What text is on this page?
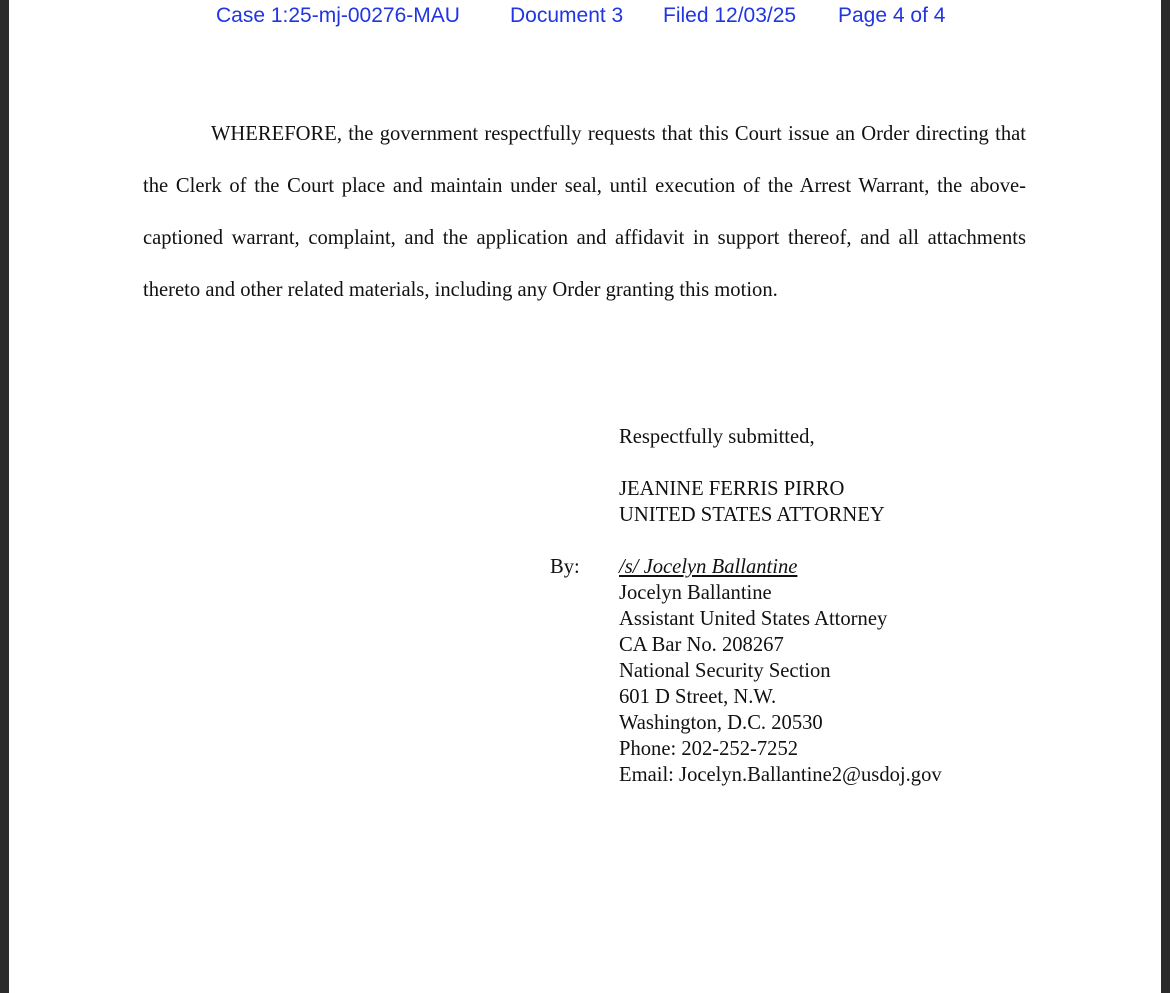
Case 1:25-mj-00276-MAU Document 3 Filed 12/03/25 Page 4 of 4

WHEREFORE, the government respectfully requests that this Court issue an Order directing that the Clerk of the Court place and maintain under seal, until execution of the Arrest Warrant, the above-captioned warrant, complaint, and the application and affidavit in support thereof, and all attachments thereto and other related materials, including any Order granting this motion.

Respectfully submitted,
JEANINE FERRIS PIRRO
UNITED STATES ATTORNEY
By: /s/ Jocelyn Ballantine
Jocelyn Ballantine
Assistant United States Attorney
CA Bar No. 208267
National Security Section
601 D Street, N.W.
Washington, D.C. 20530
Phone: 202-252-7252
Email: Jocelyn.Ballantine2@usdoj.gov
